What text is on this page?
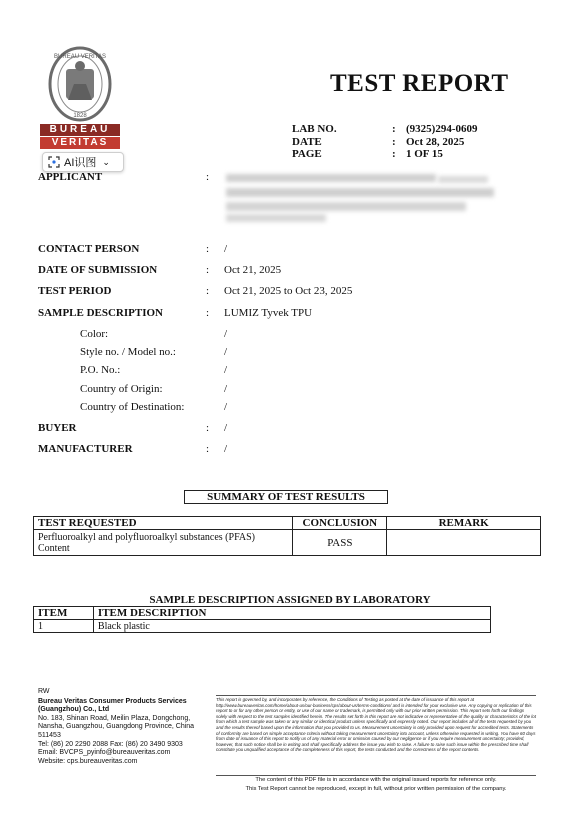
BUREAU VERITAS
1828
BUREAU
VERITAS
AI识图 ⌄
TEST REPORT
LAB NO.	: (9325)294-0609
DATE	: Oct 28, 2025
PAGE	: 1 OF 15
APPLICANT	:
CONTACT PERSON	: /
DATE OF SUBMISSION	: Oct 21, 2025
TEST PERIOD	: Oct 21, 2025 to Oct 23, 2025
SAMPLE DESCRIPTION	: LUMIZ Tyvek TPU
Color:	/
Style no. / Model no.:	/
P.O. No.:	/
Country of Origin:	/
Country of Destination:	/
BUYER	: /
MANUFACTURER	: /
SUMMARY OF TEST RESULTS
TEST REQUESTED	CONCLUSION	REMARK
Perfluoroalkyl and polyfluoroalkyl substances (PFAS) Content	PASS	
SAMPLE DESCRIPTION ASSIGNED BY LABORATORY
ITEM	ITEM DESCRIPTION
1	Black plastic
RW
Bureau Veritas Consumer Products Services
(Guangzhou) Co., Ltd
No. 183, Shinan Road, Meilin Plaza, Dongchong,
Nansha, Guangzhou, Guangdong Province, China
511453
Tel: (86) 20 2290 2088 Fax: (86) 20 3490 9303
Email: BVCPS_pyinfo@bureauveritas.com
Website: cps.bureauveritas.com
This report is governed by, and incorporates by reference, the Conditions of Testing as posted at the date of issuance of this report at http://www.bureauveritas.com/home/about-us/our-business/cps/about-us/terms-conditions/ and is intended for your exclusive use. Any copying or replication of this report to or for any other person or entity, or use of our name or trademark, is permitted only with our prior written permission. This report sets forth our findings solely with respect to the test samples identified herein. The results set forth in this report are not indicative or representative of the quality or characteristics of the lot from which a test sample was taken or any similar or identical product unless specifically and expressly noted. Our report includes all of the tests requested by you and the results thereof based upon the information that you provided to us. Measurement uncertainty is only provided upon request for accredited tests. Statements of conformity are based on simple acceptance criteria without taking measurement uncertainty into account, unless otherwise requested in writing. You have 60 days from date of issuance of this report to notify us of any material error or omission caused by our negligence or if you require measurement uncertainty; provided, however, that such notice shall be in writing and shall specifically address the issue you wish to raise. A failure to raise such issue within the prescribed time shall constitute you unqualified acceptance of the completeness of this report, the tests conducted and the correctness of the report contents.
The content of this PDF file is in accordance with the original issued reports for reference only.
This Test Report cannot be reproduced, except in full, without prior written permission of the company.
